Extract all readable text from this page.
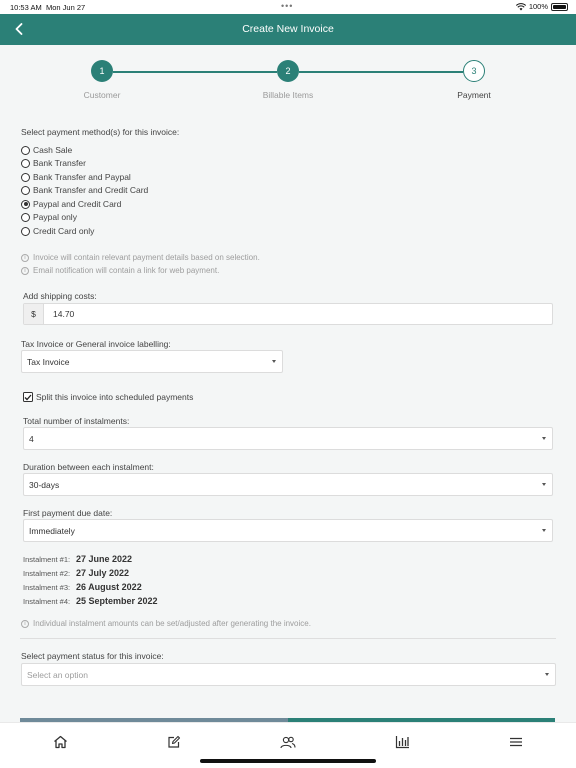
10:53 AM Mon Jun 27	•••	100%
Create New Invoice
1	2	3
Customer	Billable Items	Payment
Select payment method(s) for this invoice:
Cash Sale
Bank Transfer
Bank Transfer and Paypal
Bank Transfer and Credit Card
Paypal and Credit Card
Paypal only
Credit Card only
i Invoice will contain relevant payment details based on selection.
i Email notification will contain a link for web payment.
Add shipping costs:
$
14.70
Tax Invoice or General invoice labelling:
Tax Invoice
Split this invoice into scheduled payments
Total number of instalments:
4
Duration between each instalment:
30-days
First payment due date:
Immediately
Instalment #1: 27 June 2022
Instalment #2: 27 July 2022
Instalment #3: 26 August 2022
Instalment #4: 25 September 2022
i Individual instalment amounts can be set/adjusted after generating the invoice.
Select payment status for this invoice:
Select an option
